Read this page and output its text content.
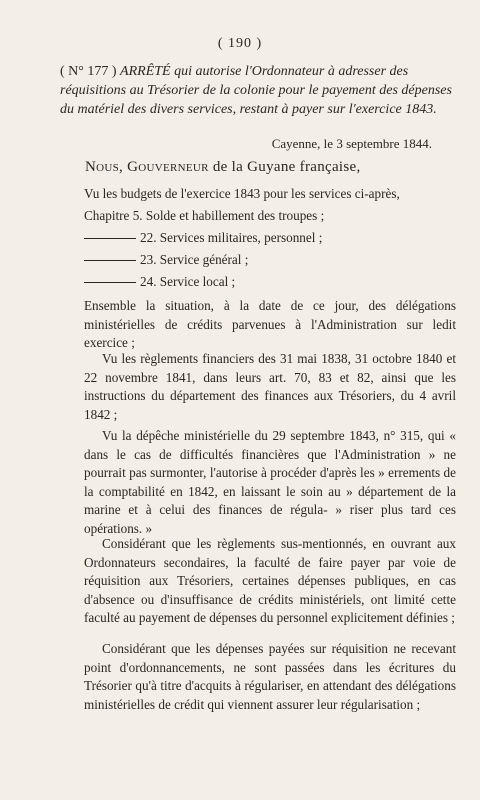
( 190 )
( N° 177 ) ARRÊTÉ qui autorise l'Ordonnateur à adresser des réquisitions au Trésorier de la colonie pour le payement des dépenses du matériel des divers services, restant à payer sur l'exercice 1843.
Cayenne, le 3 septembre 1844.
Nous, Gouverneur de la Guyane française,
Vu les budgets de l'exercice 1843 pour les services ci-après,
Chapitre 5. Solde et habillement des troupes ;
22. Services militaires, personnel ;
23. Service général ;
24. Service local ;
Ensemble la situation, à la date de ce jour, des délégations ministérielles de crédits parvenues à l'Administration sur ledit exercice ;
Vu les règlements financiers des 31 mai 1838, 31 octobre 1840 et 22 novembre 1841, dans leurs art. 70, 83 et 82, ainsi que les instructions du département des finances aux Trésoriers, du 4 avril 1842 ;
Vu la dépêche ministérielle du 29 septembre 1843, n° 315, qui « dans le cas de difficultés financières que l'Administration » ne pourrait pas surmonter, l'autorise à procéder d'après les » errements de la comptabilité en 1842, en laissant le soin au » département de la marine et à celui des finances de régula- » riser plus tard ces opérations. »
Considérant que les règlements sus-mentionnés, en ouvrant aux Ordonnateurs secondaires, la faculté de faire payer par voie de réquisition aux Trésoriers, certaines dépenses publiques, en cas d'absence ou d'insuffisance de crédits ministériels, ont limité cette faculté au payement de dépenses du personnel explicitement définies ;
Considérant que les dépenses payées sur réquisition ne recevant point d'ordonnancements, ne sont passées dans les écritures du Trésorier qu'à titre d'acquits à régulariser, en attendant des délégations ministérielles de crédit qui viennent assurer leur régularisation ;
